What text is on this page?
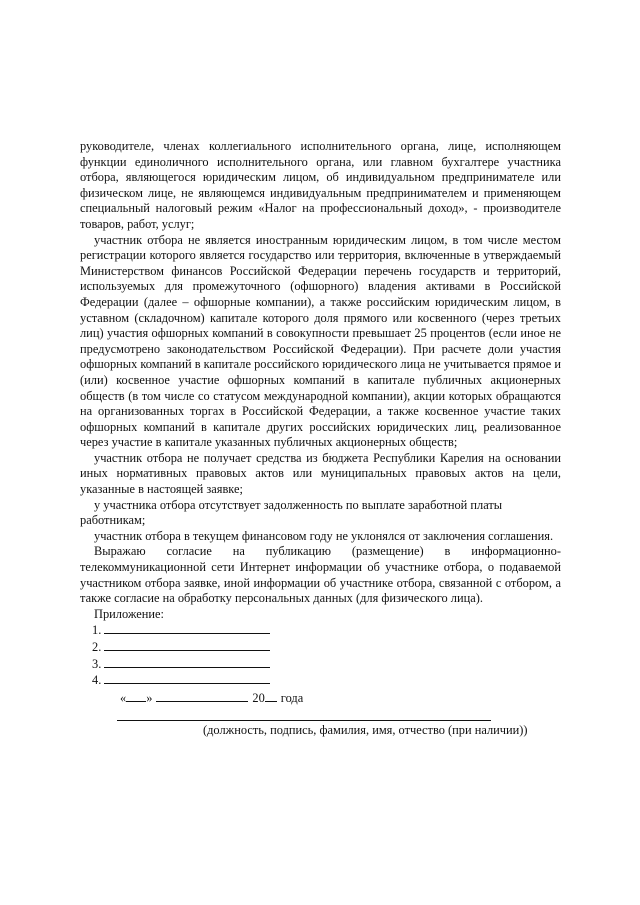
руководителе, членах коллегиального исполнительного органа, лице, исполняющем функции единоличного исполнительного органа, или главном бухгалтере участника отбора, являющегося юридическим лицом, об индивидуальном предпринимателе или физическом лице, не являющемся индивидуальным предпринимателем и применяющем специальный налоговый режим «Налог на профессиональный доход», - производителе товаров, работ, услуг;

участник отбора не является иностранным юридическим лицом, в том числе местом регистрации которого является государство или территория, включенные в утверждаемый Министерством финансов Российской Федерации перечень государств и территорий, используемых для промежуточного (офшорного) владения активами в Российской Федерации (далее – офшорные компании), а также российским юридическим лицом, в уставном (складочном) капитале которого доля прямого или косвенного (через третьих лиц) участия офшорных компаний в совокупности превышает 25 процентов (если иное не предусмотрено законодательством Российской Федерации). При расчете доли участия офшорных компаний в капитале российского юридического лица не учитывается прямое и (или) косвенное участие офшорных компаний в капитале публичных акционерных обществ (в том числе со статусом международной компании), акции которых обращаются на организованных торгах в Российской Федерации, а также косвенное участие таких офшорных компаний в капитале других российских юридических лиц, реализованное через участие в капитале указанных публичных акционерных обществ;

участник отбора не получает средства из бюджета Республики Карелия на основании иных нормативных правовых актов или муниципальных правовых актов на цели, указанные в настоящей заявке;

у участника отбора отсутствует задолженность по выплате заработной платы работникам;

участник отбора в текущем финансовом году не уклонялся от заключения соглашения.

Выражаю согласие на публикацию (размещение) в информационно-телекоммуникационной сети Интернет информации об участнике отбора, о подаваемой участником отбора заявке, иной информации об участнике отбора, связанной с отбором, а также согласие на обработку персональных данных (для физического лица).

Приложение:

1.

2.

3.

4.

« »	20 года

(должность, подпись, фамилия, имя, отчество (при наличии))
